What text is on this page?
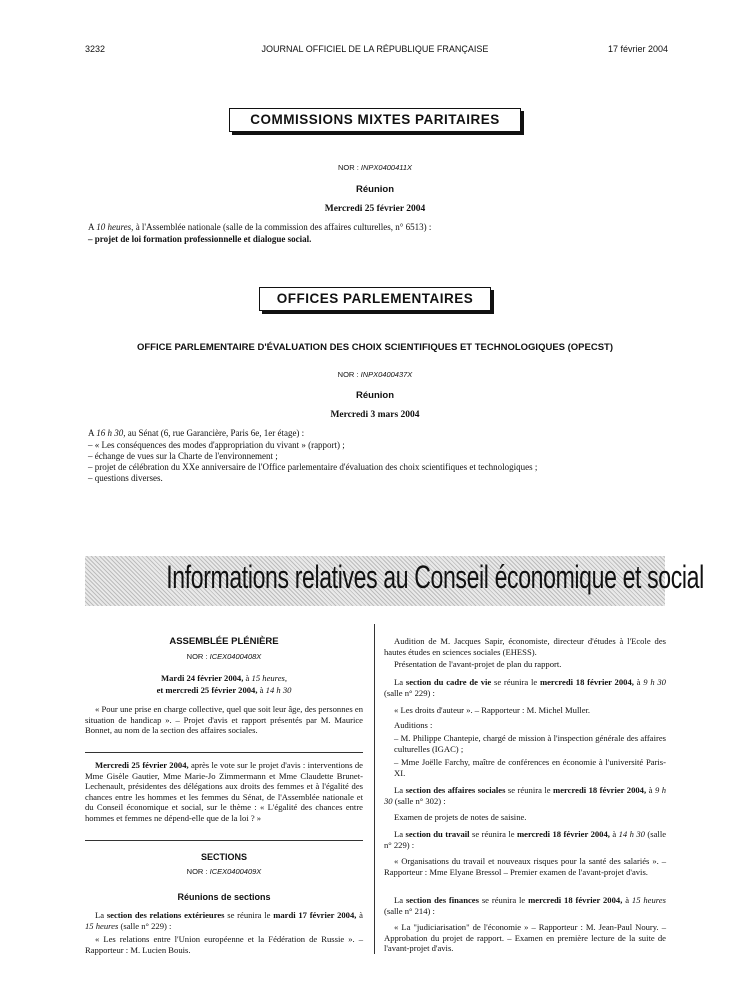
3232	JOURNAL OFFICIEL DE LA RÉPUBLIQUE FRANÇAISE	17 février 2004
COMMISSIONS MIXTES PARITAIRES
NOR : INPX0400411X
Réunion
Mercredi 25 février 2004
A 10 heures, à l'Assemblée nationale (salle de la commission des affaires culturelles, n° 6513) :
– projet de loi formation professionnelle et dialogue social.
OFFICES PARLEMENTAIRES
OFFICE PARLEMENTAIRE D'ÉVALUATION DES CHOIX SCIENTIFIQUES ET TECHNOLOGIQUES (OPECST)
NOR : INPX0400437X
Réunion
Mercredi 3 mars 2004
A 16 h 30, au Sénat (6, rue Garancière, Paris 6e, 1er étage) :
– « Les conséquences des modes d'appropriation du vivant » (rapport) ;
– échange de vues sur la Charte de l'environnement ;
– projet de célébration du XXe anniversaire de l'Office parlementaire d'évaluation des choix scientifiques et technologiques ;
– questions diverses.
Informations relatives au Conseil économique et social
ASSEMBLÉE PLÉNIÈRE
NOR : ICEX0400408X
Mardi 24 février 2004, à 15 heures,
et mercredi 25 février 2004, à 14 h 30
« Pour une prise en charge collective, quel que soit leur âge, des personnes en situation de handicap ». – Projet d'avis et rapport présentés par M. Maurice Bonnet, au nom de la section des affaires sociales.
Mercredi 25 février 2004, après le vote sur le projet d'avis : interventions de Mme Gisèle Gautier, Mme Marie-Jo Zimmermann et Mme Claudette Brunet-Lechenault, présidentes des délégations aux droits des femmes et à l'égalité des chances entre les hommes et les femmes du Sénat, de l'Assemblée nationale et du Conseil économique et social, sur le thème : « L'égalité des chances entre hommes et femmes ne dépend-elle que de la loi ? »
SECTIONS
NOR : ICEX0400409X
Réunions de sections
La section des relations extérieures se réunira le mardi 17 février 2004, à 15 heures (salle n° 229) :
« Les relations entre l'Union européenne et la Fédération de Russie ». – Rapporteur : M. Lucien Bouis.
Audition de M. Jacques Sapir, économiste, directeur d'études à l'Ecole des hautes études en sciences sociales (EHESS).
Présentation de l'avant-projet de plan du rapport.
La section du cadre de vie se réunira le mercredi 18 février 2004, à 9 h 30 (salle n° 229) :
« Les droits d'auteur ». – Rapporteur : M. Michel Muller.
Auditions :
– M. Philippe Chantepie, chargé de mission à l'inspection générale des affaires culturelles (IGAC) ;
– Mme Joëlle Farchy, maître de conférences en économie à l'université Paris-XI.
La section des affaires sociales se réunira le mercredi 18 février 2004, à 9 h 30 (salle n° 302) :
Examen de projets de notes de saisine.
La section du travail se réunira le mercredi 18 février 2004, à 14 h 30 (salle n° 229) :
« Organisations du travail et nouveaux risques pour la santé des salariés ». – Rapporteur : Mme Elyane Bressol – Premier examen de l'avant-projet d'avis.
La section des finances se réunira le mercredi 18 février 2004, à 15 heures (salle n° 214) :
« La "judiciarisation" de l'économie » – Rapporteur : M. Jean-Paul Noury. – Approbation du projet de rapport. – Examen en première lecture de la suite de l'avant-projet d'avis.
